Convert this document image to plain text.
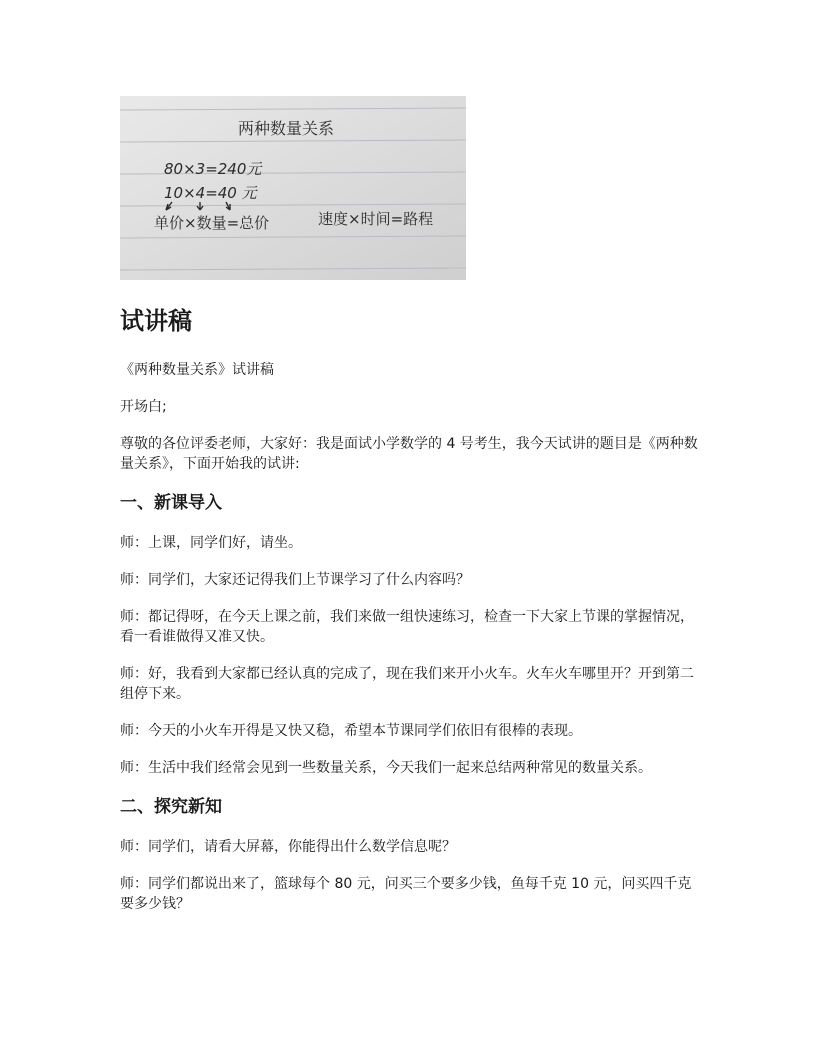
两种数量关系
80×3=240元
10×4=40 元
单价×数量=总价	速度×时间=路程
试讲稿

《两种数量关系》试讲稿

开场白;

尊敬的各位评委老师，大家好：我是面试小学数学的 4 号考生，我今天试讲的题目是《两种数量关系》，下面开始我的试讲:

一、新课导入

师：上课，同学们好，请坐。

师：同学们，大家还记得我们上节课学习了什么内容吗？

师：都记得呀，在今天上课之前，我们来做一组快速练习，检查一下大家上节课的掌握情况，看一看谁做得又准又快。

师：好，我看到大家都已经认真的完成了，现在我们来开小火车。火车火车哪里开？开到第二组停下来。

师：今天的小火车开得是又快又稳，希望本节课同学们依旧有很棒的表现。

师：生活中我们经常会见到一些数量关系，今天我们一起来总结两种常见的数量关系。

二、探究新知

师：同学们，请看大屏幕，你能得出什么数学信息呢？

师：同学们都说出来了，篮球每个 80 元，问买三个要多少钱，鱼每千克 10 元，问买四千克要多少钱？
